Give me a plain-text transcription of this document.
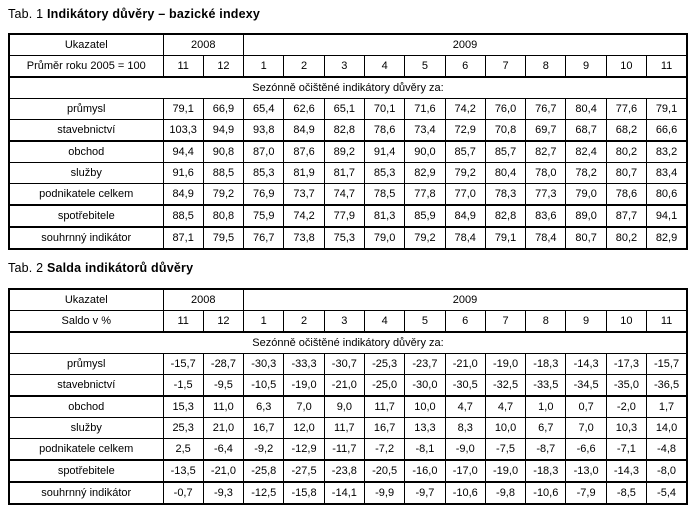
Tab. 1 Indikátory důvěry – bazické indexy
Ukazatel	2008		2009										
Průměr roku 2005 = 100	11	12	1	2	3	4	5	6	7	8	9	10	11
Sezónně očištěné indikátory důvěry za:													
průmysl	79,1	66,9	65,4	62,6	65,1	70,1	71,6	74,2	76,0	76,7	80,4	77,6	79,1
stavebnictví	103,3	94,9	93,8	84,9	82,8	78,6	73,4	72,9	70,8	69,7	68,7	68,2	66,6
obchod	94,4	90,8	87,0	87,6	89,2	91,4	90,0	85,7	85,7	82,7	82,4	80,2	83,2
služby	91,6	88,5	85,3	81,9	81,7	85,3	82,9	79,2	80,4	78,0	78,2	80,7	83,4
podnikatele celkem	84,9	79,2	76,9	73,7	74,7	78,5	77,8	77,0	78,3	77,3	79,0	78,6	80,6
spotřebitele	88,5	80,8	75,9	74,2	77,9	81,3	85,9	84,9	82,8	83,6	89,0	87,7	94,1
souhrnný indikátor	87,1	79,5	76,7	73,8	75,3	79,0	79,2	78,4	79,1	78,4	80,7	80,2	82,9
Tab. 2 Salda indikátorů důvěry
Ukazatel	2008		2009										
Saldo v %	11	12	1	2	3	4	5	6	7	8	9	10	11
Sezónně očištěné indikátory důvěry za:													
průmysl	-15,7	-28,7	-30,3	-33,3	-30,7	-25,3	-23,7	-21,0	-19,0	-18,3	-14,3	-17,3	-15,7
stavebnictví	-1,5	-9,5	-10,5	-19,0	-21,0	-25,0	-30,0	-30,5	-32,5	-33,5	-34,5	-35,0	-36,5
obchod	15,3	11,0	6,3	7,0	9,0	11,7	10,0	4,7	4,7	1,0	0,7	-2,0	1,7
služby	25,3	21,0	16,7	12,0	11,7	16,7	13,3	8,3	10,0	6,7	7,0	10,3	14,0
podnikatele celkem	2,5	-6,4	-9,2	-12,9	-11,7	-7,2	-8,1	-9,0	-7,5	-8,7	-6,6	-7,1	-4,8
spotřebitele	-13,5	-21,0	-25,8	-27,5	-23,8	-20,5	-16,0	-17,0	-19,0	-18,3	-13,0	-14,3	-8,0
souhrnný indikátor	-0,7	-9,3	-12,5	-15,8	-14,1	-9,9	-9,7	-10,6	-9,8	-10,6	-7,9	-8,5	-5,4
